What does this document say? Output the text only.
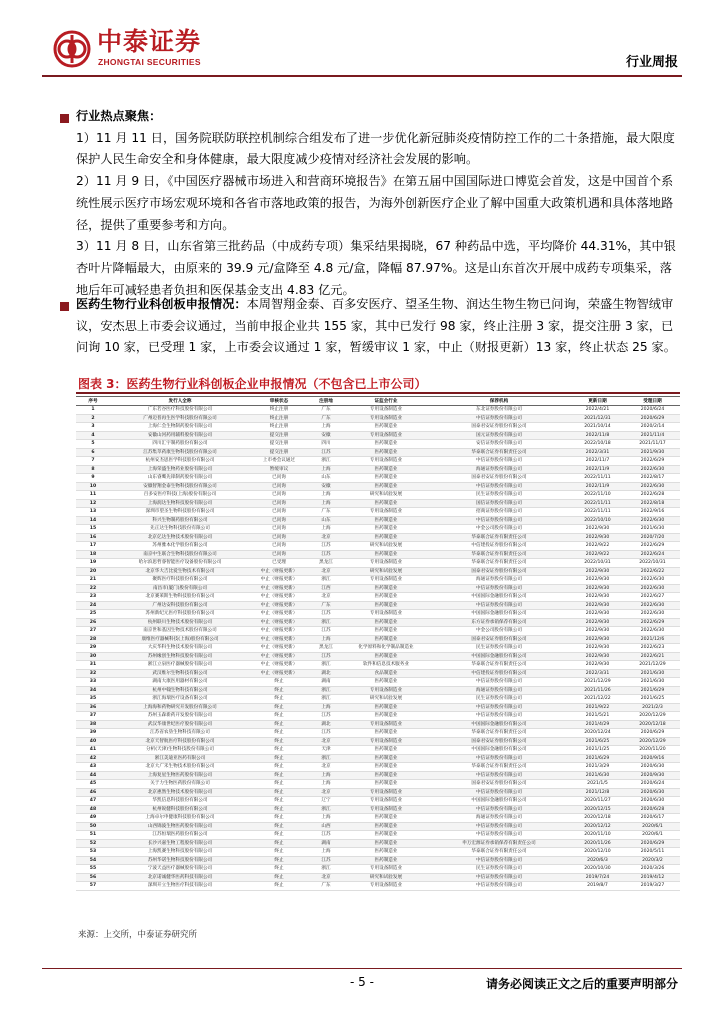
中泰证券
ZHONGTAI SECURITIES	行业周报
行业热点聚焦：
1）11 月 11 日，国务院联防联控机制综合组发布了进一步优化新冠肺炎疫情防控工作的二十条措施，最大限度保护人民生命安全和身体健康，最大限度减少疫情对经济社会发展的影响。
2）11 月 9 日，《中国医疗器械市场进入和营商环境报告》在第五届中国国际进口博览会首发，这是中国首个系统性展示医疗市场宏观环境和各省市落地政策的报告，为海外创新医疗企业了解中国重大政策机遇和具体落地路径，提供了重要参考和方向。
3）11 月 8 日，山东省第三批药品（中成药专项）集采结果揭晓，67 种药品中选，平均降价 44.31%，其中银杏叶片降幅最大，由原来的 39.9 元/盒降至 4.8 元/盒，降幅 87.97%。这是山东首次开展中成药专项集采，落地后年可减轻患者负担和医保基金支出 4.83 亿元。
医药生物行业科创板申报情况：本周智翔金泰、百多安医疗、望圣生物、润达生物生物已问询，荣盛生物智绒审议，安杰思上市委会议通过，当前申报企业共 155 家，其中已发行 98 家，终止注册 3 家，提交注册 3 家，已问询 10 家，已受理 1 家，上市委会议通过 1 家，暂缓审议 1 家，中止（财报更新）13 家，终止状态 25 家。
图表 3：医药生物行业科创板企业申报情况（不包含已上市公司）
序号	发行人全称	审核状态	注册地	证监会行业	保荐机构	更新日期	受理日期
1	广东若谷医疗科技股份有限公司	终止注册	广东	专用设备制造业	东北证券股份有限公司	2022/4/21	2020/6/24
2	广州迈普再生医学科技股份有限公司	终止注册	广东	专用设备制造业	中信证券股份有限公司	2021/12/31	2020/6/29
3	上海仁会生物制药股份有限公司	终止注册	上海	医药制造业	国泰君安证券股份有限公司	2021/10/14	2020/2/14
4	安徽山河药用辅料股份有限公司	提交注册	安徽	专用设备制造业	国元证券股份有限公司	2022/11/8	2021/11/4
5	四川汇宇制药股份有限公司	提交注册	四川	医药制造业	安信证券股份有限公司	2022/10/18	2021/11/17
6	江苏集萃药康生物科技股份有限公司	提交注册	江苏	医药制造业	华泰联合证券有限责任公司	2022/3/31	2021/9/30
7	杭州安杰思医学科技股份有限公司	上市委会议通过	浙江	专用设备制造业	中信证券股份有限公司	2022/11/7	2022/6/29
8	上海荣盛生物药业股份有限公司	暂缓审议	上海	医药制造业	海通证券股份有限公司	2022/11/9	2022/6/30
9	山东睿鹰先锋制药股份有限公司	已问询	山东	医药制造业	国泰君安证券股份有限公司	2022/11/11	2022/8/17
10	安徽智翔金泰生物科技股份有限公司	已问询	安徽	医药制造业	中信证券股份有限公司	2022/11/9	2022/6/30
11	百多安医疗科技(上海)股份有限公司	已问询	上海	研究和试验发展	民生证券股份有限公司	2022/11/10	2022/6/28
12	上海润达生物科技股份有限公司	已问询	上海	医药制造业	国信证券股份有限公司	2022/11/11	2022/8/18
13	深圳市望圣生物科技股份有限公司	已问询	广东	专用设备制造业	招商证券股份有限公司	2022/11/11	2022/9/16
14	科兴生物制药股份有限公司	已问询	山东	医药制造业	中信证券股份有限公司	2022/10/10	2022/6/30
15	先正达生物科技股份有限公司	已问询	上海	医药制造业	中金公司股份有限公司	2022/9/30	2021/6/30
16	北京亿达生物技术股份有限公司	已问询	北京	医药制造业	华泰联合证券有限责任公司	2022/9/30	2020/7/20
17	苏州雅本化学股份有限公司	已问询	江苏	研究和试验发展	中信建投证券股份有限公司	2022/9/22	2022/6/29
18	南京中生联合生物科技股份有限公司	已问询	江苏	医药制造业	华泰联合证券有限责任公司	2022/9/22	2022/6/24
19	哈尔滨思哲睿智能医疗设备股份有限公司	已受理	黑龙江	专用设备制造业	华泰联合证券有限责任公司	2022/10/31	2022/10/31
20	北京华大吉比爱生物技术有限公司	中止（财报更新）	北京	研究和试验发展	国泰君安证券股份有限公司	2022/9/30	2022/6/22
21	聚辉医疗科技股份有限公司	中止（财报更新）	浙江	专用设备制造业	海通证券股份有限公司	2022/9/30	2022/6/30
22	南昌市(厦门)股份有限公司	中止（财报更新）	江西	医药制造业	中信证券股份有限公司	2022/9/30	2022/6/30
23	北京赛莱斯生物科技股份有限公司	中止（财报更新）	北京	医药制造业	中国国际金融股份有限公司	2022/9/30	2022/6/27
24	广州达安科技股份有限公司	中止（财报更新）	广东	医药制造业	中信证券股份有限公司	2022/9/30	2022/6/30
25	苏州新纪元医疗科技股份有限公司	中止（财报更新）	江苏	专用设备制造业	中国国际金融股份有限公司	2022/9/30	2022/6/30
26	杭州联川生物技术股份有限公司	中止（财报更新）	浙江	医药制造业	东方证券承销保荐有限公司	2022/9/30	2022/6/29
27	南京世和基因生物技术股份有限公司	中止（财报更新）	江苏	医药制造业	中金公司股份有限公司	2022/9/30	2022/6/30
28	康维医疗器械科技(上海)股份有限公司	中止（财报更新）	上海	医药制造业	国泰君安证券股份有限公司	2022/9/30	2021/12/6
29	大庆华科生物技术股份有限公司	中止（财报更新）	黑龙江	化学原料和化学制品制造业	民生证券股份有限公司	2022/9/30	2022/6/23
30	苏州缘创生物科技股份有限公司	中止（财报更新）	江苏	医药制造业	中国国际金融股份有限公司	2022/9/30	2022/6/21
31	浙江立泉医疗器械股份有限公司	中止（财报更新）	浙江	软件和信息技术服务业	华泰联合证券有限责任公司	2022/9/30	2021/12/29
32	武汉维尔生物科技有限公司	中止（财报更新）	湖北	食品制造业	中信建投证券股份有限公司	2022/3/31	2021/6/30
33	湖南大康医用器材有限公司	终止	湖南	医药制造业	中信证券股份有限公司	2021/12/29	2021/6/30
34	杭州中翰生物科技有限公司	终止	浙江	专用设备制造业	海通证券股份有限公司	2021/11/26	2021/6/29
35	浙江海瑞医疗设备有限公司	终止	浙江	研究和试验发展	民生证券股份有限公司	2021/12/22	2021/6/25
36	上海海和药物研究开发股份有限公司	终止	上海	医药制造业	中信证券股份有限公司	2021/9/22	2021/2/3
37	苏州玉森新药开发股份有限公司	终止	江苏	医药制造业	中信证券股份有限公司	2021/5/21	2020/12/29
38	武汉华康世纪医疗股份有限公司	终止	湖北	专用设备制造业	中国国际金融股份有限公司	2021/4/29	2020/12/18
39	江苏省农垦生物科技有限公司	终止	江苏	医药制造业	华泰联合证券有限责任公司	2020/12/24	2020/6/29
40	北京天智航医疗科技股份有限公司	终止	北京	专用设备制造业	国泰君安证券股份有限公司	2021/6/25	2020/12/29
41	分析(天津)生物科技股份有限公司	终止	天津	医药制造业	中国国际金融股份有限公司	2021/1/25	2020/11/20
42	浙江美迪亚医药有限公司	终止	浙江	医药制造业	中信证券股份有限公司	2021/6/29	2020/9/16
43	北京大广禾生物技术股份有限公司	终止	北京	医药制造业	华泰联合证券有限责任公司	2021/3/29	2020/6/30
44	上海复星生物医药股份有限公司	终止	上海	医药制造业	中信证券股份有限公司	2021/6/30	2020/9/30
45	关于力生物医药股份有限公司	终止	上海	医药制造业	国泰君安证券股份有限公司	2021/1/5	2020/6/24
46	北京惠然生物技术股份有限公司	终止	北京	专用设备制造业	中信证券股份有限公司	2021/12/8	2020/6/30
47	华凯信息科技股份有限公司	终止	辽宁	专用设备制造业	中国国际金融股份有限公司	2020/11/27	2020/6/30
48	杭州锐健科技股份有限公司	终止	浙江	专用设备制造业	中信证券股份有限公司	2020/12/15	2020/6/28
49	上海卓尔申健康科技股份有限公司	终止	上海	医药制造业	海通证券股份有限公司	2020/12/18	2020/6/17
50	山西锦波生物医药股份有限公司	终止	山西	医药制造业	中信证券股份有限公司	2020/12/12	2020/6/1
51	江苏恒瑞医药股份有限公司	终止	江苏	医药制造业	中信证券股份有限公司	2020/11/10	2020/6/1
52	长沙兴嘉生物工程股份有限公司	终止	湖南	医药制造业	申万宏源证券承销保荐有限责任公司	2020/11/26	2020/6/29
53	上海凯赛生物科技股份有限公司	终止	上海	医药制造业	华泰联合证券有限责任公司	2020/12/10	2020/5/11
54	苏州华诺生物科技股份有限公司	终止	江苏	医药制造业	中信证券股份有限公司	2020/6/3	2020/3/2
55	宁波天益医疗器械股份有限公司	终止	浙江	专用设备制造业	民生证券股份有限公司	2020/10/30	2020/3/26
56	北京诺诚健华医药科技有限公司	终止	北京	研究和试验发展	中信证券股份有限公司	2019/7/24	2019/4/12
57	深圳开立生物医疗科技有限公司	终止	广东	专用设备制造业	中信证券股份有限公司	2019/8/7	2019/3/27
来源：上交所，中泰证券研究所
- 5 -	请务必阅读正文之后的重要声明部分
